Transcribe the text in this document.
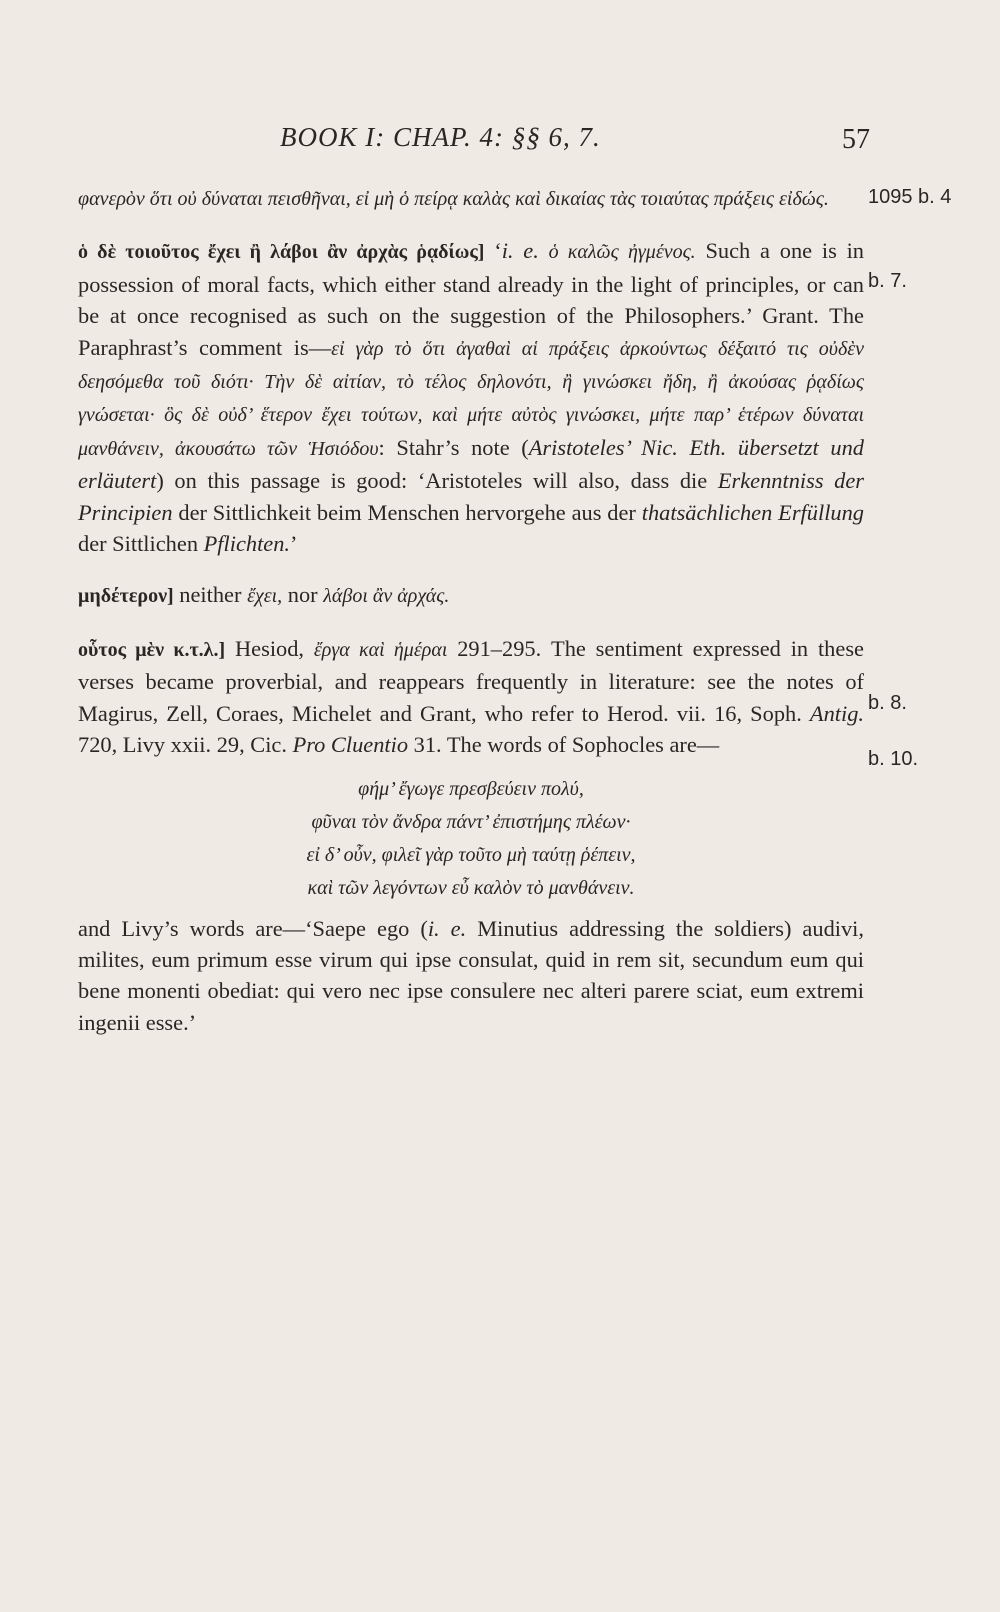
BOOK I: CHAP. 4: §§ 6, 7.	57
1095 b. 4
b. 7.
b. 8.
b. 10.

φανερὸν ὅτι οὐ δύναται πεισθῆναι, εἰ μὴ ὁ πείρᾳ καλὰς καὶ δικαίας τὰς τοιαύτας πράξεις εἰδώς.

ὁ δὲ τοιοῦτος ἔχει ἢ λάβοι ἂν ἀρχὰς ῥᾳδίως] ‘i. e. ὁ καλῶς ἠγμένος. Such a one is in possession of moral facts, which either stand already in the light of principles, or can be at once recognised as such on the suggestion of the Philosophers.’ Grant. The Paraphrast’s comment is—εἰ γὰρ τὸ ὅτι ἀγαθαὶ αἱ πράξεις ἀρκούντως δέξαιτό τις οὐδὲν δεησόμεθα τοῦ διότι· Τὴν δὲ αἰτίαν, τὸ τέλος δηλονότι, ἢ γινώσκει ἤδη, ἢ ἀκούσας ῥᾳδίως γνώσεται· ὃς δὲ οὐδ’ ἕτερον ἔχει τούτων, καὶ μήτε αὐτὸς γινώσκει, μήτε παρ’ ἑτέρων δύναται μανθάνειν, ἀκουσάτω τῶν Ἡσιόδου: Stahr’s note (Aristoteles’ Nic. Eth. übersetzt und erläutert) on this passage is good: ‘Aristoteles will also, dass die Erkenntniss der Principien der Sittlichkeit beim Menschen hervorgehe aus der thatsächlichen Erfüllung der Sittlichen Pflichten.’

μηδέτερον] neither ἔχει, nor λάβοι ἂν ἀρχάς.

οὗτος μὲν κ.τ.λ.] Hesiod, ἔργα καὶ ἡμέραι 291–295. The sentiment expressed in these verses became proverbial, and reappears frequently in literature: see the notes of Magirus, Zell, Coraes, Michelet and Grant, who refer to Herod. vii. 16, Soph. Antig. 720, Livy xxii. 29, Cic. Pro Cluentio 31. The words of Sophocles are—

φήμ’ ἔγωγε πρεσβεύειν πολύ,
φῦναι τὸν ἄνδρα πάντ’ ἐπιστήμης πλέων·
εἰ δ’ οὖν, φιλεῖ γὰρ τοῦτο μὴ ταύτῃ ῥέπειν,
καὶ τῶν λεγόντων εὖ καλὸν τὸ μανθάνειν.

and Livy’s words are—‘Saepe ego (i. e. Minutius addressing the soldiers) audivi, milites, eum primum esse virum qui ipse consulat, quid in rem sit, secundum eum qui bene monenti obediat: qui vero nec ipse consulere nec alteri parere sciat, eum extremi ingenii esse.’
